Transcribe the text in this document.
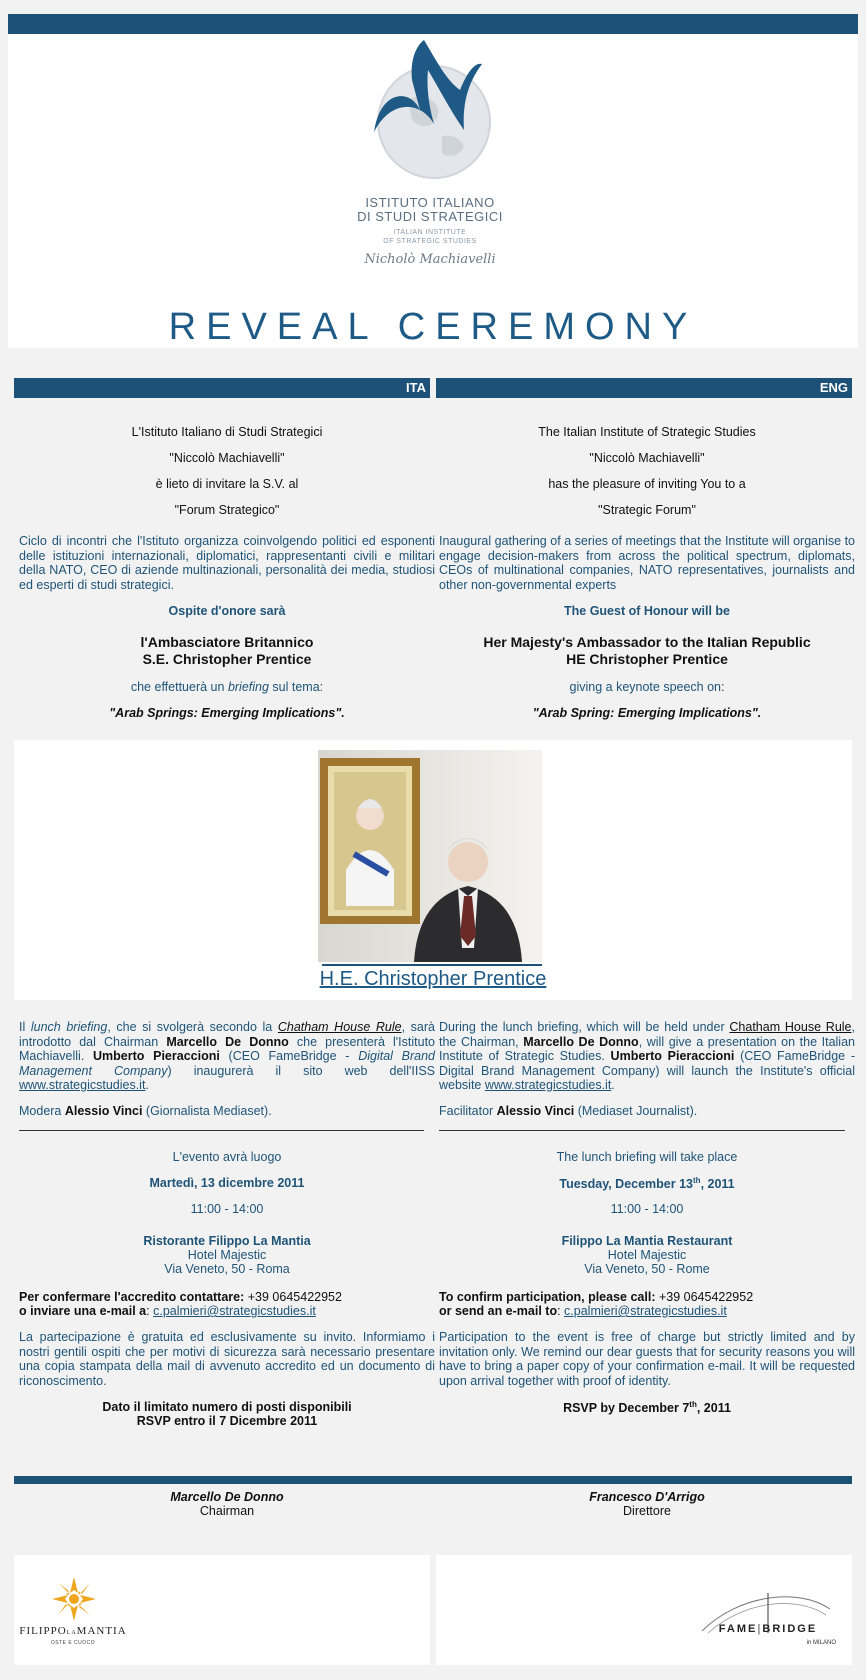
ISTITUTO ITALIANO
DI STUDI STRATEGICI
ITALIAN INSTITUTE
OF STRATEGIC STUDIES
Nicholò Machiavelli
REVEAL CEREMONY
ITA	ENG

L'Istituto Italiano di Studi Strategici

"Niccolò Machiavelli"

è lieto di invitare la S.V. al

"Forum Strategico"

The Italian Institute of Strategic Studies

"Niccolò Machiavelli"

has the pleasure of inviting You to a

"Strategic Forum"

Ciclo di incontri che l'Istituto organizza coinvolgendo politici ed esponenti delle istituzioni internazionali, diplomatici, rappresentanti civili e militari della NATO, CEO di aziende multinazionali, personalità dei media, studiosi ed esperti di studi strategici.

Inaugural gathering of a series of meetings that the Institute will organise to engage decision-makers from across the political spectrum, diplomats, CEOs of multinational companies, NATO representatives, journalists and other non-governmental experts

Ospite d'onore sarà

l'Ambasciatore Britannico

S.E. Christopher Prentice

che effettuerà un briefing sul tema:

"Arab Springs: Emerging Implications".

The Guest of Honour will be

Her Majesty's Ambassador to the Italian Republic

HE Christopher Prentice

giving a keynote speech on:

"Arab Spring: Emerging Implications".

H.E. Christopher Prentice

Il lunch briefing, che si svolgerà secondo la Chatham House Rule, sarà introdotto dal Chairman Marcello De Donno che presenterà l'Istituto Machiavelli. Umberto Pieraccioni (CEO FameBridge - Digital Brand Management Company) inaugurerà il sito web dell'IISS www.strategicstudies.it.

Modera Alessio Vinci (Giornalista Mediaset).

During the lunch briefing, which will be held under Chatham House Rule, the Chairman, Marcello De Donno, will give a presentation on the Italian Institute of Strategic Studies. Umberto Pieraccioni (CEO FameBridge - Digital Brand Management Company) will launch the Institute's official website www.strategicstudies.it.

Facilitator Alessio Vinci (Mediaset Journalist).

L'evento avrà luogo
Martedì, 13 dicembre 2011
11:00 - 14:00
Ristorante Filippo La Mantia
Hotel Majestic
Via Veneto, 50 - Roma
The lunch briefing will take place
Tuesday, December 13th, 2011
11:00 - 14:00
Filippo La Mantia Restaurant
Hotel Majestic
Via Veneto, 50 - Rome
Per confermare l'accredito contattare: +39 0645422952
o inviare una e-mail a: c.palmieri@strategicstudies.it
To confirm participation, please call: +39 0645422952
or send an e-mail to: c.palmieri@strategicstudies.it

La partecipazione è gratuita ed esclusivamente su invito. Informiamo i nostri gentili ospiti che per motivi di sicurezza sarà necessario presentare una copia stampata della mail di avvenuto accredito ed un documento di riconoscimento.

Participation to the event is free of charge but strictly limited and by invitation only. We remind our dear guests that for security reasons you will have to bring a paper copy of your confirmation e-mail. It will be requested upon arrival together with proof of identity.

Dato il limitato numero di posti disponibili
RSVP entro il 7 Dicembre 2011
RSVP by December 7th, 2011
Marcello De Donno
Chairman
Francesco D'Arrigo
Direttore
FILIPPOLAMANTIA
OSTE E CUOCO
FAME|BRIDGE
in MILANO
